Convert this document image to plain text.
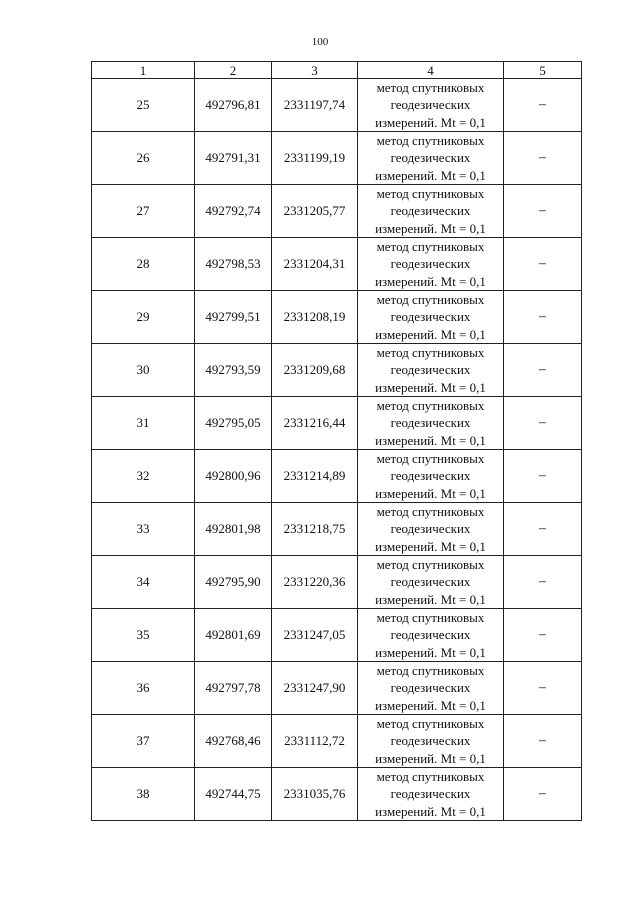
100
1	2	3	4	5
25	492796,81	2331197,74	метод спутниковых
геодезических
измерений. Mt = 0,1	–
26	492791,31	2331199,19	метод спутниковых
геодезических
измерений. Mt = 0,1	–
27	492792,74	2331205,77	метод спутниковых
геодезических
измерений. Mt = 0,1	–
28	492798,53	2331204,31	метод спутниковых
геодезических
измерений. Mt = 0,1	–
29	492799,51	2331208,19	метод спутниковых
геодезических
измерений. Mt = 0,1	–
30	492793,59	2331209,68	метод спутниковых
геодезических
измерений. Mt = 0,1	–
31	492795,05	2331216,44	метод спутниковых
геодезических
измерений. Mt = 0,1	–
32	492800,96	2331214,89	метод спутниковых
геодезических
измерений. Mt = 0,1	–
33	492801,98	2331218,75	метод спутниковых
геодезических
измерений. Mt = 0,1	–
34	492795,90	2331220,36	метод спутниковых
геодезических
измерений. Mt = 0,1	–
35	492801,69	2331247,05	метод спутниковых
геодезических
измерений. Mt = 0,1	–
36	492797,78	2331247,90	метод спутниковых
геодезических
измерений. Mt = 0,1	–
37	492768,46	2331112,72	метод спутниковых
геодезических
измерений. Mt = 0,1	–
38	492744,75	2331035,76	метод спутниковых
геодезических
измерений. Mt = 0,1	–
